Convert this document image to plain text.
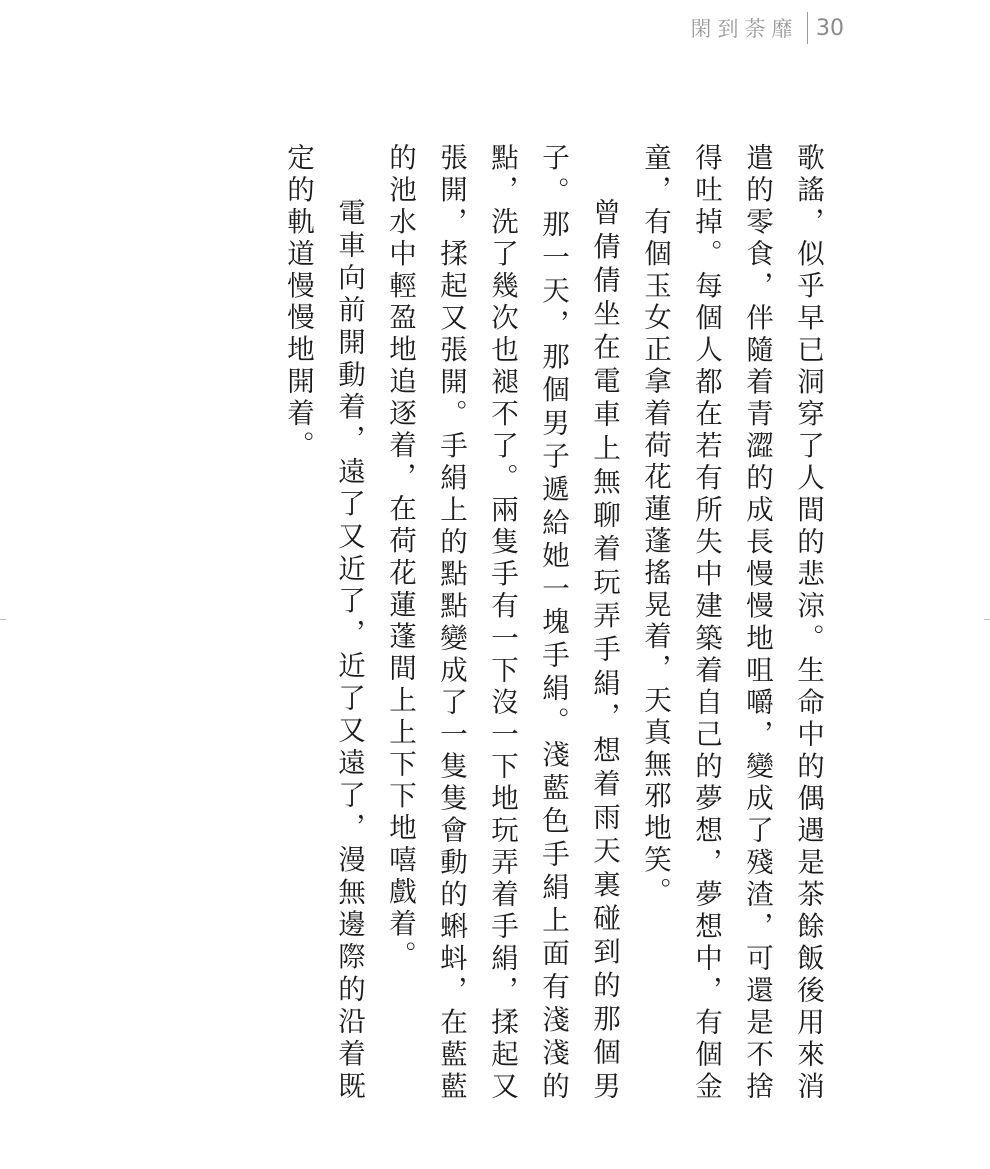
閑到荼靡 30

歌謠，似乎早已洞穿了人間的悲涼。生命中的偶遇是茶餘飯後用來消遣的零食，伴隨着青澀的成長慢慢地咀嚼，變成了殘渣，可還是不捨得吐掉。每個人都在若有所失中建築着自己的夢想，夢想中，有個金童，有個玉女正拿着荷花蓮蓬搖晃着，天真無邪地笑。

曾倩倩坐在電車上無聊着玩弄手絹，想着雨天裏碰到的那個男子。那一天，那個男子遞給她一塊手絹。淺藍色手絹上面有淺淺的點，洗了幾次也褪不了。兩隻手有一下沒一下地玩弄着手絹，揉起又張開，揉起又張開。手絹上的點點變成了一隻隻會動的蝌蚪，在藍藍的池水中輕盈地追逐着，在荷花蓮蓬間上上下下地嘻戲着。

電車向前開動着，遠了又近了，近了又遠了，漫無邊際的沿着既定的軌道慢慢地開着。
